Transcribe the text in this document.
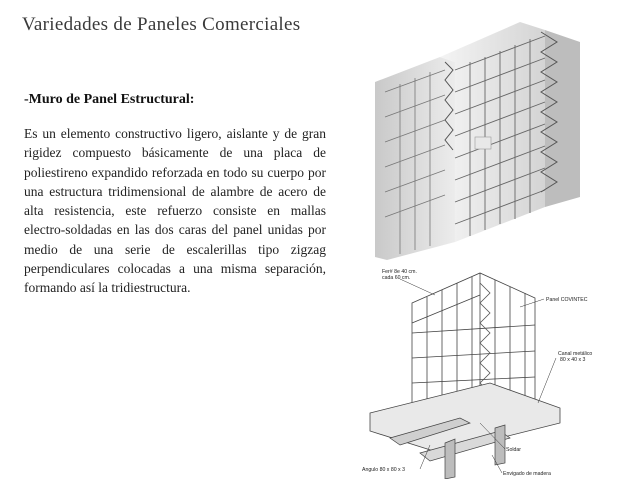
Variedades de Paneles Comerciales
-Muro de Panel Estructural:
Es un elemento constructivo ligero, aislante y de gran rigidez compuesto básicamente de una placa de poliestireno expandido reforzada en todo su cuerpo por una estructura tridimensional de alambre de acero de alta resistencia, este refuerzo consiste en mallas electro-soldadas en las dos caras del panel unidas por medio de una serie de escalerillas tipo zigzag perpendiculares colocadas a una misma separación, formando así la tridiestructura.
Fer# 8e 40 cm.
cada 60 cm.
Panel COVINTEC
Canal metálico
80 x 40 x 3
Soldar
Angulo 80 x 80 x 3
Envigado de madera
